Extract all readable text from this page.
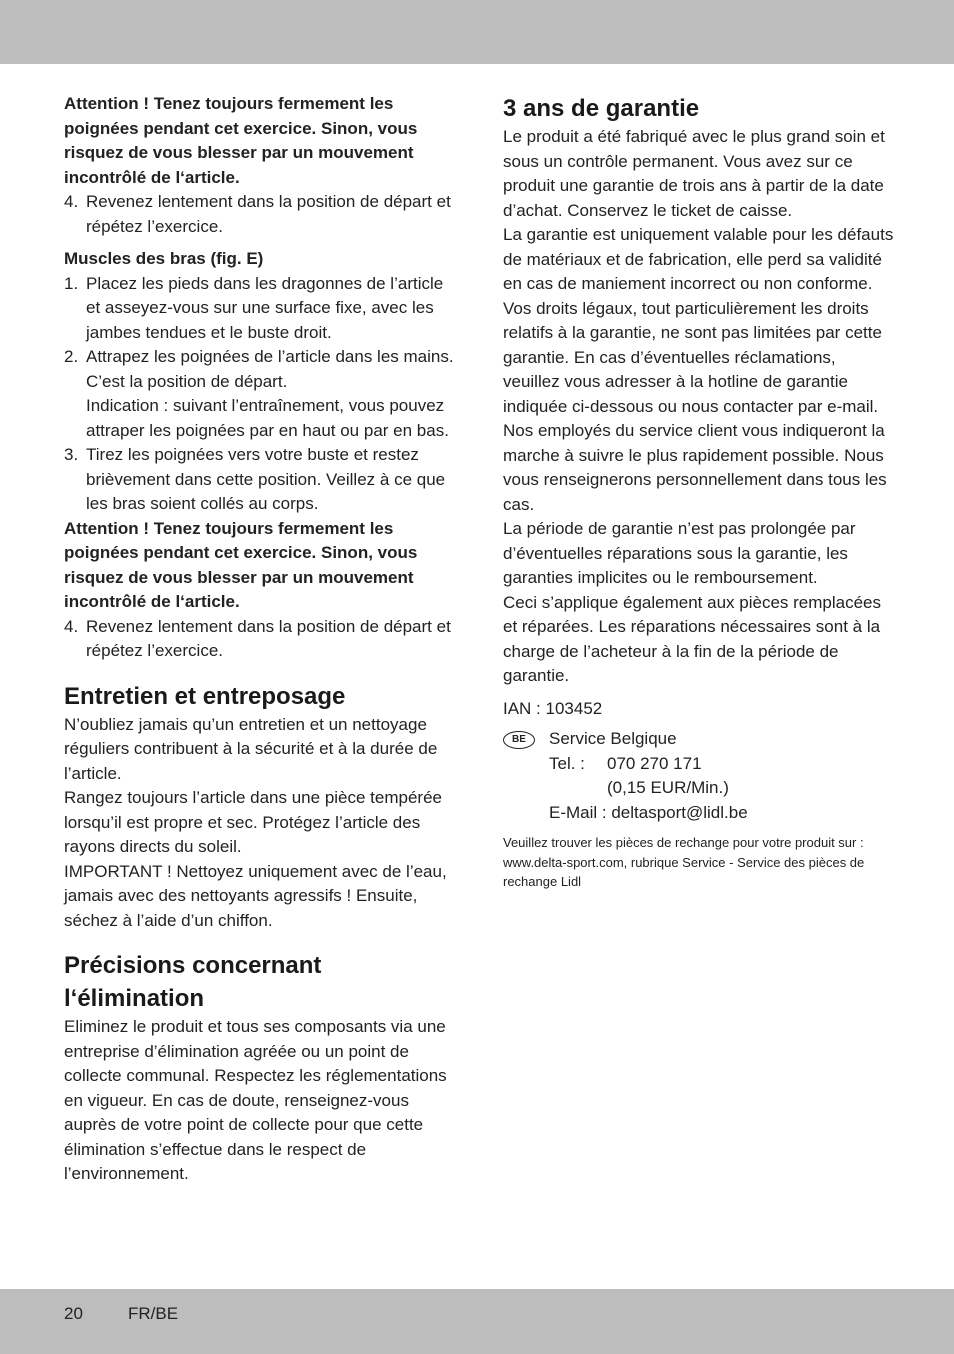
Attention ! Tenez toujours fermement les poignées pendant cet exercice. Sinon, vous risquez de vous blesser par un mouvement incontrôlé de l‘article.

4. Revenez lentement dans la position de départ et répétez l’exercice.
Muscles des bras (fig. E)
1. Placez les pieds dans les dragonnes de l’article et asseyez-vous sur une surface fixe, avec les jambes tendues et le buste droit.
2. Attrapez les poignées de l’article dans les mains. C’est la position de départ.
Indication : suivant l’entraînement, vous pouvez attraper les poignées par en haut ou par en bas.
3. Tirez les poignées vers votre buste et restez brièvement dans cette position. Veillez à ce que les bras soient collés au corps.

Attention ! Tenez toujours fermement les poignées pendant cet exercice. Sinon, vous risquez de vous blesser par un mouvement incontrôlé de l‘article.

4. Revenez lentement dans la position de départ et répétez l’exercice.
Entretien et entreposage

N’oubliez jamais qu’un entretien et un nettoyage réguliers contribuent à la sécurité et à la durée de l’article.

Rangez toujours l’article dans une pièce tempérée lorsqu’il est propre et sec. Protégez l’article des rayons directs du soleil.

IMPORTANT ! Nettoyez uniquement avec de l’eau, jamais avec des nettoyants agressifs ! Ensuite, séchez à l’aide d’un chiffon.

Précisions concernant l‘élimination

Eliminez le produit et tous ses composants via une entreprise d’élimination agréée ou un point de collecte communal. Respectez les réglementations en vigueur. En cas de doute, renseignez-vous auprès de votre point de collecte pour que cette élimination s’effectue dans le respect de l’environnement.

3 ans de garantie

Le produit a été fabriqué avec le plus grand soin et sous un contrôle permanent. Vous avez sur ce produit une garantie de trois ans à partir de la date d’achat. Conservez le ticket de caisse.

La garantie est uniquement valable pour les défauts de matériaux et de fabrication, elle perd sa validité en cas de maniement incorrect ou non conforme. Vos droits légaux, tout particulièrement les droits relatifs à la garantie, ne sont pas limitées par cette garantie. En cas d’éventuelles réclamations, veuillez vous adresser à la hotline de garantie indiquée ci-dessous ou nous contacter par e-mail. Nos employés du service client vous indiqueront la marche à suivre le plus rapidement possible. Nous vous renseignerons personnellement dans tous les cas.

La période de garantie n’est pas prolongée par d’éventuelles réparations sous la garantie, les garanties implicites ou le remboursement.

Ceci s’applique également aux pièces remplacées et réparées. Les réparations nécessaires sont à la charge de l’acheteur à la fin de la période de garantie.

IAN : 103452

BE	Service Belgique

Tel. :	070 270 171

(0,15 EUR/Min.)

E-Mail : deltasport@lidl.be

Veuillez trouver les pièces de rechange pour votre produit sur : www.delta-sport.com, rubrique Service - Service des pièces de rechange Lidl

20	FR/BE
